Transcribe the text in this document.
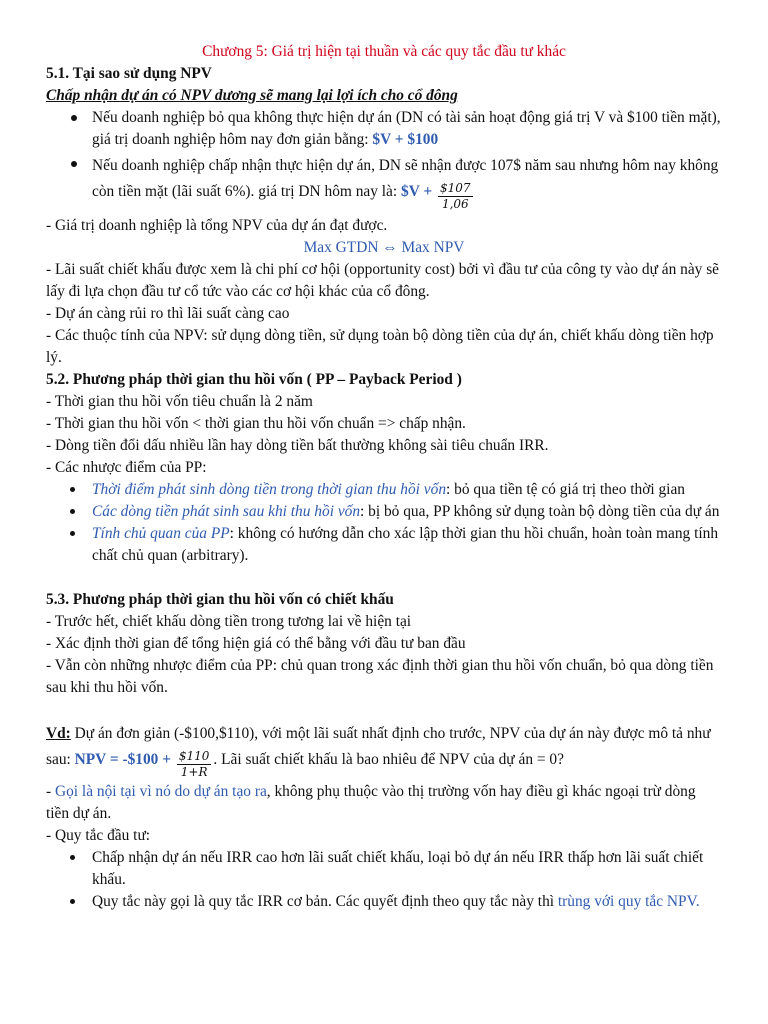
Chương 5: Giá trị hiện tại thuần và các quy tắc đầu tư khác
5.1. Tại sao sử dụng NPV
Chấp nhận dự án có NPV dương sẽ mang lại lợi ích cho cổ đông
Nếu doanh nghiệp bỏ qua không thực hiện dự án (DN có tài sản hoạt động giá trị V và $100 tiền mặt), giá trị doanh nghiệp hôm nay đơn giản bằng: $V + $100
Nếu doanh nghiệp chấp nhận thực hiện dự án, DN sẽ nhận được 107$ năm sau nhưng hôm nay không còn tiền mặt (lãi suất 6%). giá trị DN hôm nay là: $V + $\frac{\$107}{1,06}$
- Giá trị doanh nghiệp là tổng NPV của dự án đạt được.
Max GTDN ⇔ Max NPV
- Lãi suất chiết khấu được xem là chi phí cơ hội (opportunity cost) bởi vì đầu tư của công ty vào dự án này sẽ lấy đi lựa chọn đầu tư cổ tức vào các cơ hội khác của cổ đông.
- Dự án càng rủi ro thì lãi suất càng cao
- Các thuộc tính của NPV: sử dụng dòng tiền, sử dụng toàn bộ dòng tiền của dự án, chiết khấu dòng tiền hợp lý.
5.2. Phương pháp thời gian thu hồi vốn ( PP – Payback Period )
- Thời gian thu hồi vốn tiêu chuẩn là 2 năm
- Thời gian thu hồi vốn < thời gian thu hồi vốn chuẩn => chấp nhận.
- Dòng tiền đổi dấu nhiều lần hay dòng tiền bất thường không sài tiêu chuẩn IRR.
- Các nhược điểm của PP:
Thời điểm phát sinh dòng tiền trong thời gian thu hồi vốn: bỏ qua tiền tệ có giá trị theo thời gian
Các dòng tiền phát sinh sau khi thu hồi vốn: bị bỏ qua, PP không sử dụng toàn bộ dòng tiền của dự án
Tính chủ quan của PP: không có hướng dẫn cho xác lập thời gian thu hồi chuẩn, hoàn toàn mang tính chất chủ quan (arbitrary).
5.3. Phương pháp thời gian thu hồi vốn có chiết khấu
- Trước hết, chiết khấu dòng tiền trong tương lai về hiện tại
- Xác định thời gian để tổng hiện giá có thể bằng với đầu tư ban đầu
- Vẫn còn những nhược điểm của PP: chủ quan trong xác định thời gian thu hồi vốn chuẩn, bỏ qua dòng tiền sau khi thu hồi vốn.
Vd: Dự án đơn giản (-$100,$110), với một lãi suất nhất định cho trước, NPV của dự án này được mô tả như sau: NPV = -$100 + $\frac{\$110}{1+R}$ . Lãi suất chiết khấu là bao nhiêu để NPV của dự án = 0?
- Gọi là nội tại vì nó do dự án tạo ra, không phụ thuộc vào thị trường vốn hay điều gì khác ngoại trừ dòng tiền dự án.
- Quy tắc đầu tư:
Chấp nhận dự án nếu IRR cao hơn lãi suất chiết khấu, loại bỏ dự án nếu IRR thấp hơn lãi suất chiết khấu.
Quy tắc này gọi là quy tắc IRR cơ bản. Các quyết định theo quy tắc này thì trùng với quy tắc NPV.
